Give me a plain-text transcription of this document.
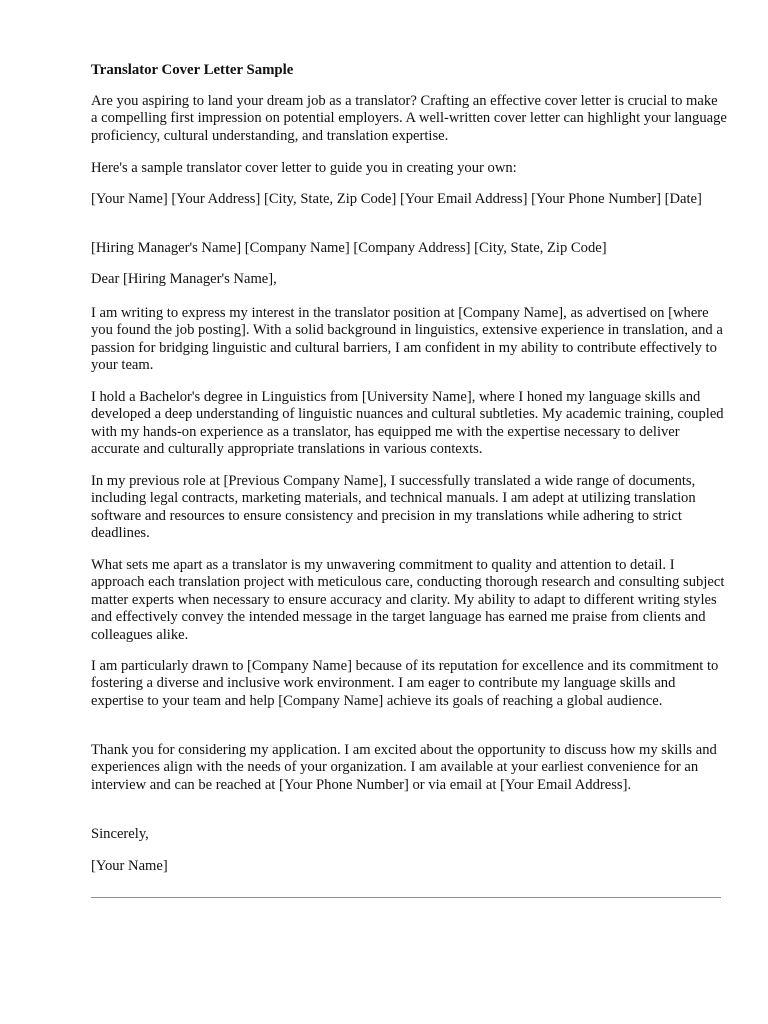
Translator Cover Letter Sample

Are you aspiring to land your dream job as a translator? Crafting an effective cover letter is crucial to make a compelling first impression on potential employers. A well-written cover letter can highlight your language proficiency, cultural understanding, and translation expertise.

Here's a sample translator cover letter to guide you in creating your own:

[Your Name] [Your Address] [City, State, Zip Code] [Your Email Address] [Your Phone Number] [Date]

[Hiring Manager's Name] [Company Name] [Company Address] [City, State, Zip Code]

Dear [Hiring Manager's Name],

I am writing to express my interest in the translator position at [Company Name], as advertised on [where you found the job posting]. With a solid background in linguistics, extensive experience in translation, and a passion for bridging linguistic and cultural barriers, I am confident in my ability to contribute effectively to your team.

I hold a Bachelor's degree in Linguistics from [University Name], where I honed my language skills and developed a deep understanding of linguistic nuances and cultural subtleties. My academic training, coupled with my hands-on experience as a translator, has equipped me with the expertise necessary to deliver accurate and culturally appropriate translations in various contexts.

In my previous role at [Previous Company Name], I successfully translated a wide range of documents, including legal contracts, marketing materials, and technical manuals. I am adept at utilizing translation software and resources to ensure consistency and precision in my translations while adhering to strict deadlines.

What sets me apart as a translator is my unwavering commitment to quality and attention to detail. I approach each translation project with meticulous care, conducting thorough research and consulting subject matter experts when necessary to ensure accuracy and clarity. My ability to adapt to different writing styles and effectively convey the intended message in the target language has earned me praise from clients and colleagues alike.

I am particularly drawn to [Company Name] because of its reputation for excellence and its commitment to fostering a diverse and inclusive work environment. I am eager to contribute my language skills and expertise to your team and help [Company Name] achieve its goals of reaching a global audience.

Thank you for considering my application. I am excited about the opportunity to discuss how my skills and experiences align with the needs of your organization. I am available at your earliest convenience for an interview and can be reached at [Your Phone Number] or via email at [Your Email Address].

Sincerely,

[Your Name]
